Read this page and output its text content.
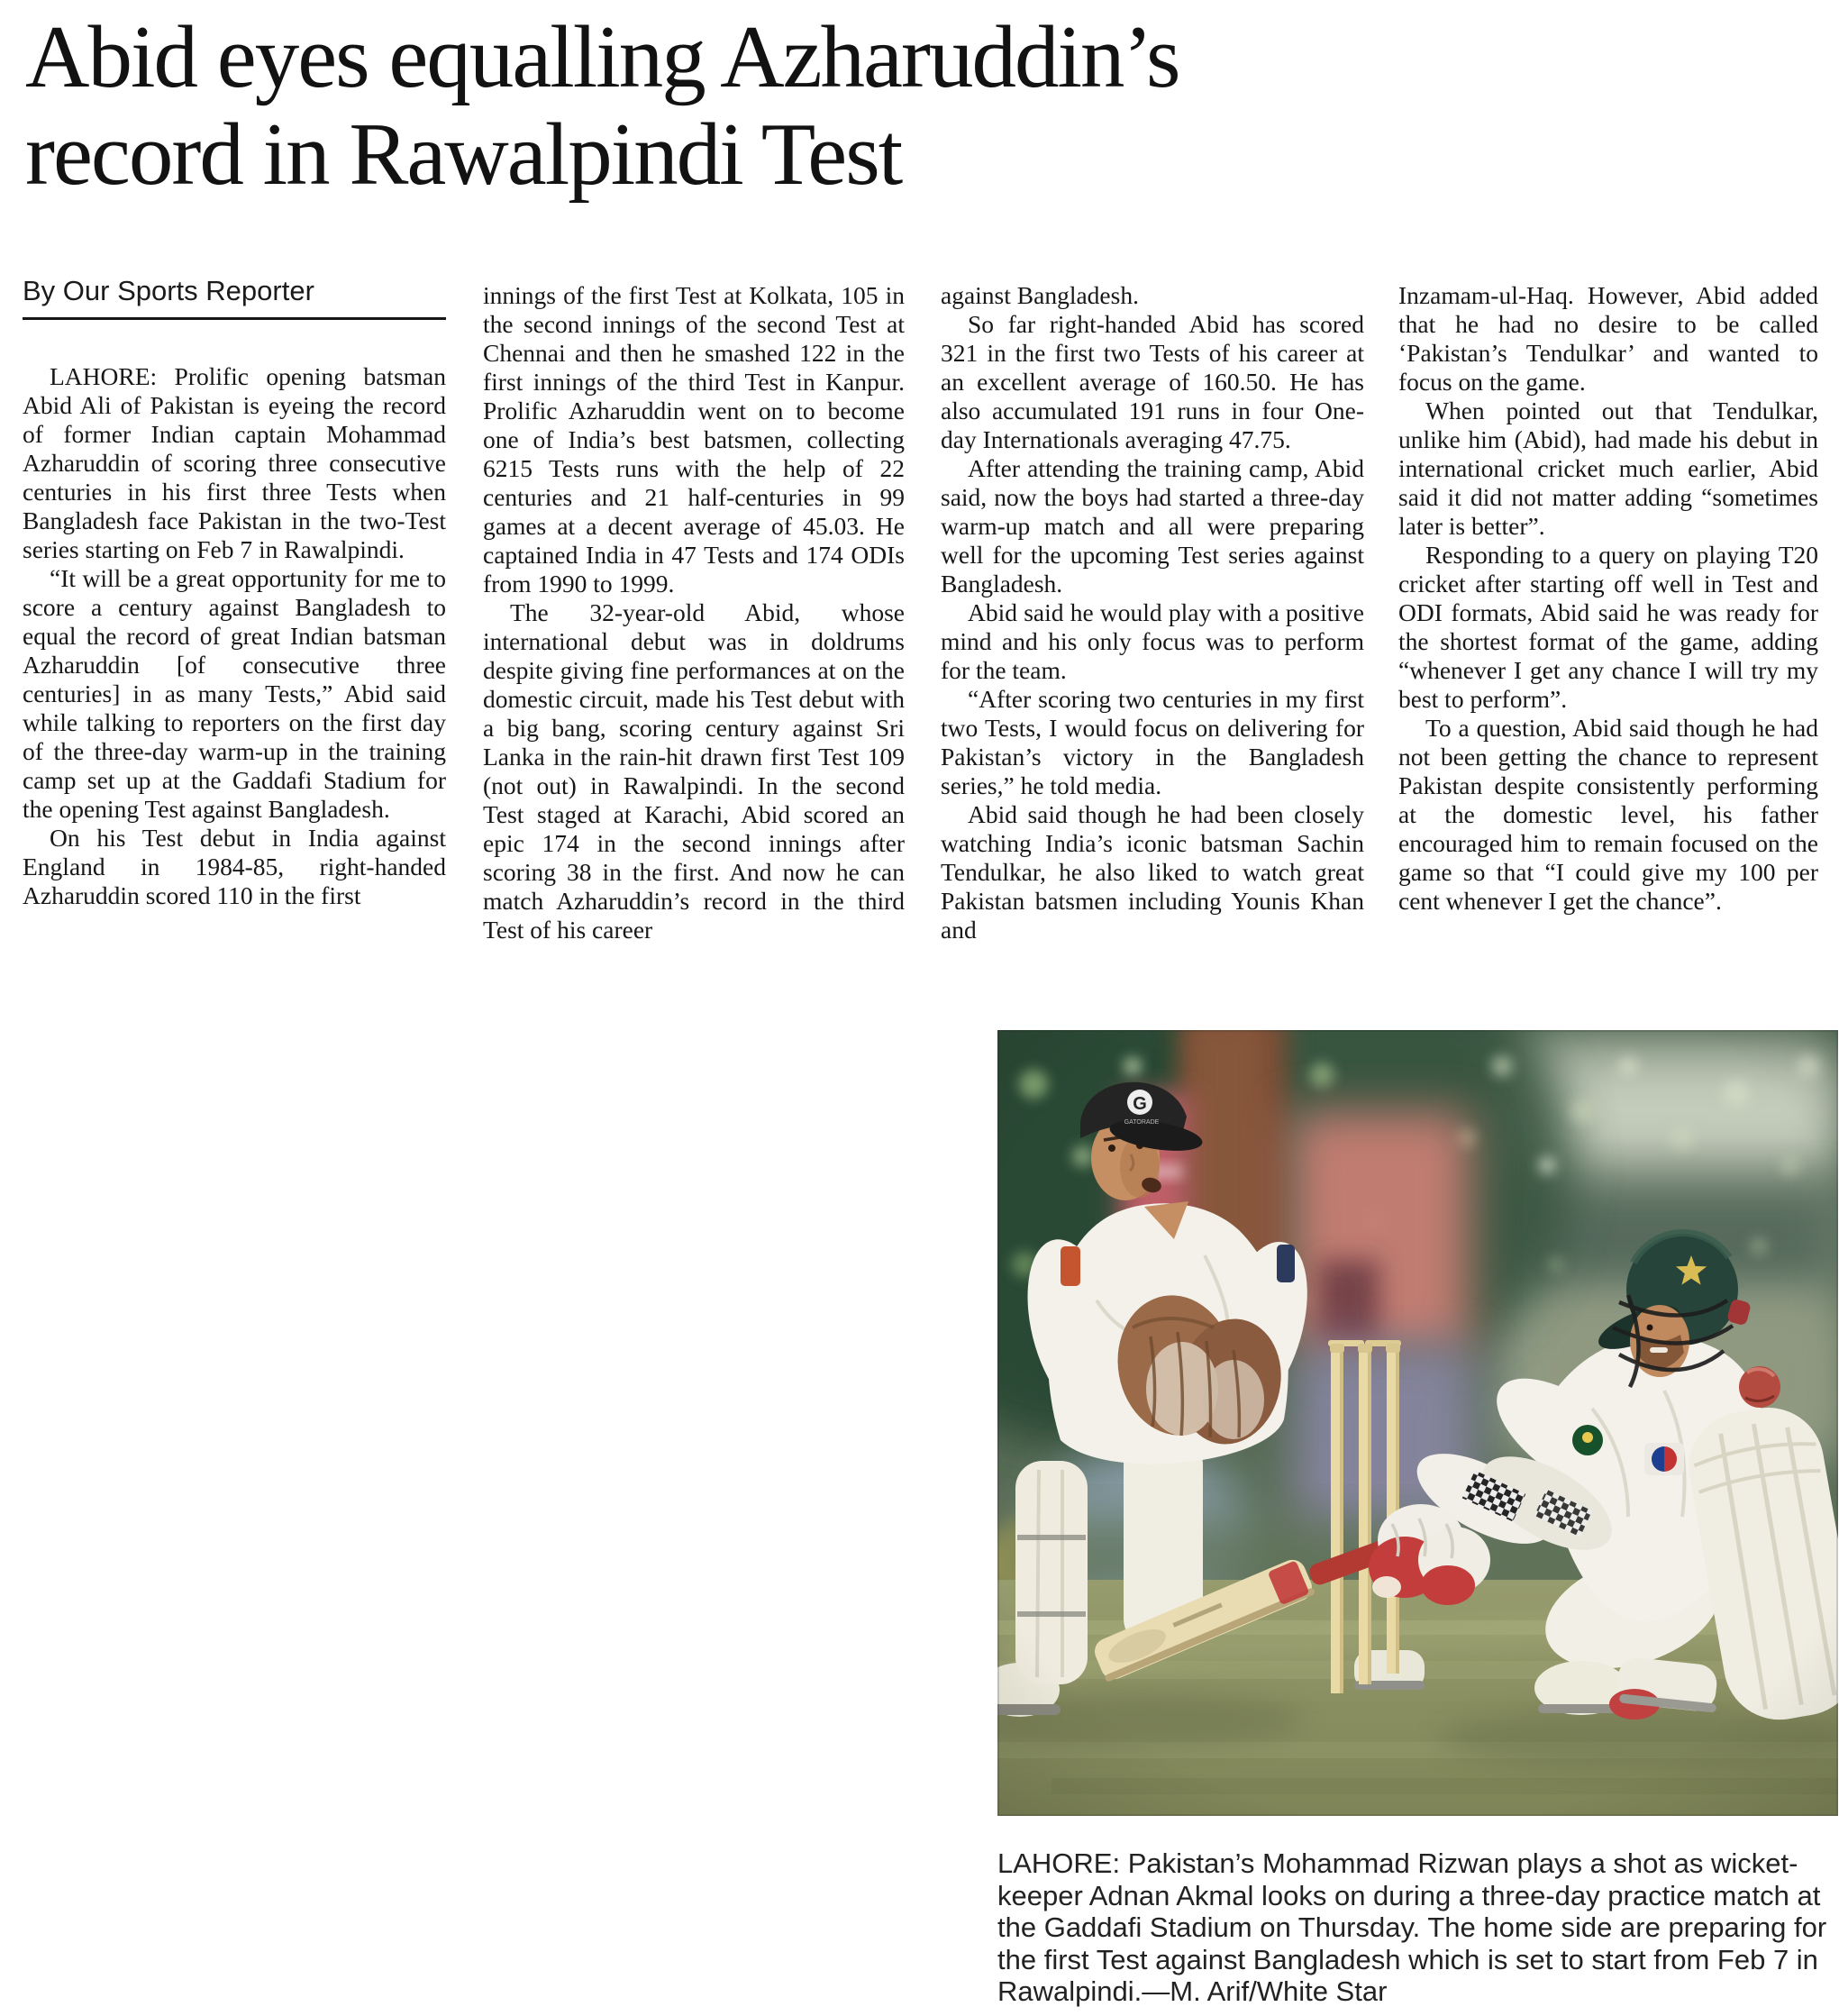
Abid eyes equalling Azharuddin’s
record in Rawalpindi Test
By Our Sports Reporter

LAHORE: Prolific opening batsman Abid Ali of Pakistan is eyeing the record of former Indian captain Mohammad Azharuddin of scoring three consecutive centuries in his first three Tests when Bangladesh face Pakistan in the two-Test series starting on Feb 7 in Rawalpindi.

“It will be a great opportunity for me to score a century against Bangladesh to equal the record of great Indian batsman Azharuddin [of consecutive three centuries] in as many Tests,” Abid said while talking to reporters on the first day of the three-day warm-up in the training camp set up at the Gaddafi Stadium for the opening Test against Bangladesh.

On his Test debut in India against England in 1984-85, right-handed Azharuddin scored 110 in the first

innings of the first Test at Kolkata, 105 in the second innings of the second Test at Chennai and then he smashed 122 in the first innings of the third Test in Kanpur. Prolific Azharuddin went on to become one of India’s best batsmen, collecting 6215 Tests runs with the help of 22 centuries and 21 half-centuries in 99 games at a decent average of 45.03. He captained India in 47 Tests and 174 ODIs from 1990 to 1999.

The 32-year-old Abid, whose international debut was in doldrums despite giving fine performances at on the domestic circuit, made his Test debut with a big bang, scoring century against Sri Lanka in the rain-hit drawn first Test 109 (not out) in Rawalpindi. In the second Test staged at Karachi, Abid scored an epic 174 in the second innings after scoring 38 in the first. And now he can match Azharuddin’s record in the third Test of his career

against Bangladesh.

So far right-handed Abid has scored 321 in the first two Tests of his career at an excellent average of 160.50. He has also accumulated 191 runs in four One-day Internationals averaging 47.75.

After attending the training camp, Abid said, now the boys had started a three-day warm-up match and all were preparing well for the upcoming Test series against Bangladesh.

Abid said he would play with a positive mind and his only focus was to perform for the team.

“After scoring two centuries in my first two Tests, I would focus on delivering for Pakistan’s victory in the Bangladesh series,” he told media.

Abid said though he had been closely watching India’s iconic batsman Sachin Tendulkar, he also liked to watch great Pakistan batsmen including Younis Khan and

Inzamam-ul-Haq. However, Abid added that he had no desire to be called ‘Pakistan’s Tendulkar’ and wanted to focus on the game.

When pointed out that Tendulkar, unlike him (Abid), had made his debut in international cricket much earlier, Abid said it did not matter adding “sometimes later is better”.

Responding to a query on playing T20 cricket after starting off well in Test and ODI formats, Abid said he was ready for the shortest format of the game, adding “whenever I get any chance I will try my best to perform”.

To a question, Abid said though he had not been getting the chance to represent Pakistan despite consistently performing at the domestic level, his father encouraged him to remain focused on the game so that “I could give my 100 per cent whenever I get the chance”.

LAHORE: Pakistan’s Mohammad Rizwan plays a shot as wicket-keeper Adnan Akmal looks on during a three-day practice match at the Gaddafi Stadium on Thursday. The home side are preparing for the first Test against Bangladesh which is set to start from Feb 7 in Rawalpindi.—M. Arif/White Star
